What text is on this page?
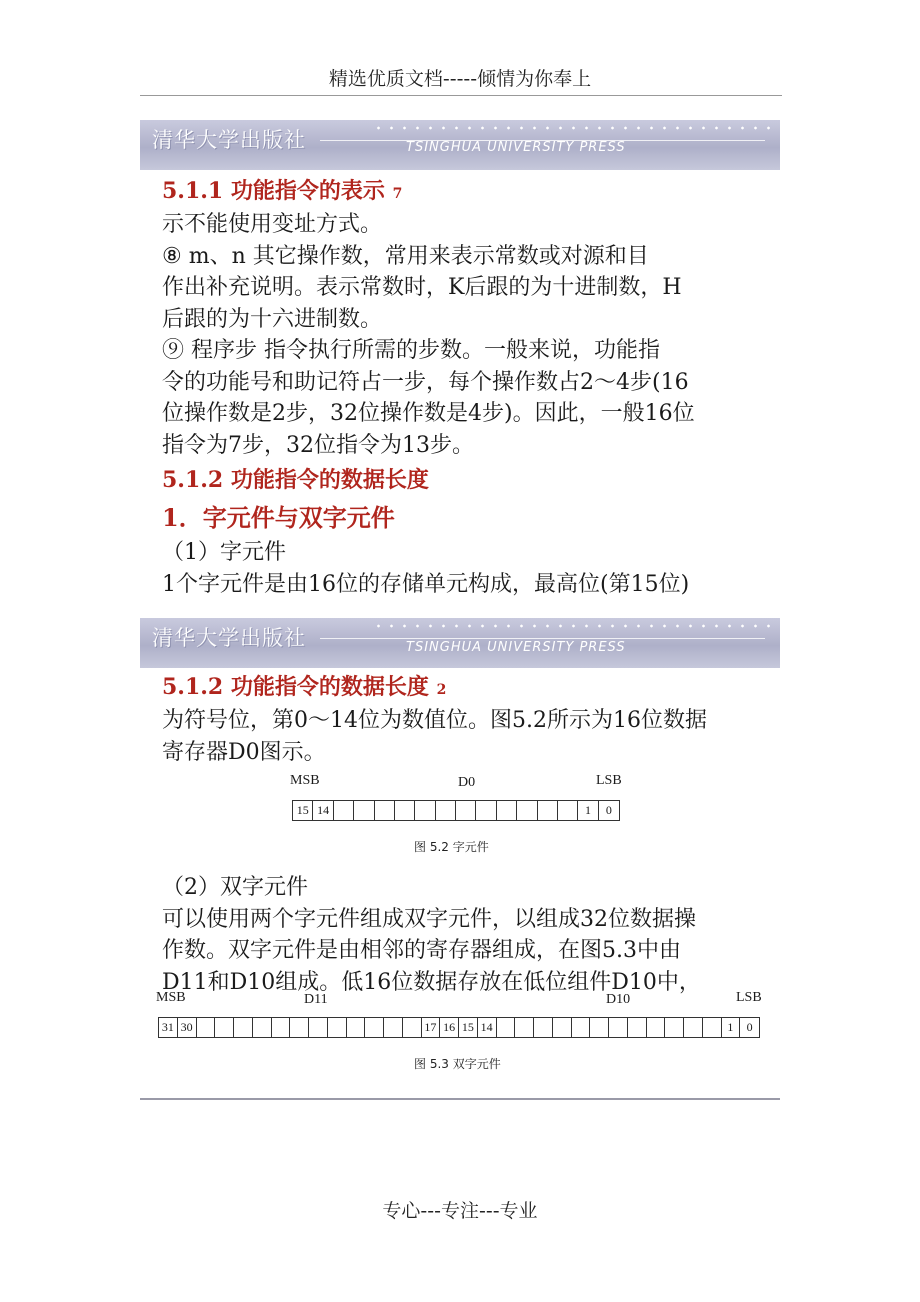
精选优质文档-----倾情为你奉上
清华大学出版社	TSINGHUA UNIVERSITY PRESS
5.1.1 功能指令的表示 7
示不能使用变址方式。
⑧ m、n 其它操作数，常用来表示常数或对源和目
作出补充说明。表示常数时，K后跟的为十进制数，H
后跟的为十六进制数。
⑨ 程序步 指令执行所需的步数。一般来说，功能指
令的功能号和助记符占一步，每个操作数占2～4步(16
位操作数是2步，32位操作数是4步)。因此，一般16位
指令为7步，32位指令为13步。
5.1.2 功能指令的数据长度
1．字元件与双字元件
（1）字元件
1个字元件是由16位的存储单元构成，最高位(第15位)
清华大学出版社	TSINGHUA UNIVERSITY PRESS
5.1.2 功能指令的数据长度 2
为符号位，第0～14位为数值位。图5.2所示为16位数据
寄存器D0图示。
MSB	D0	LSB
15 14	1	0
图 5.2 字元件
（2）双字元件
可以使用两个字元件组成双字元件，以组成32位数据操
作数。双字元件是由相邻的寄存器组成，在图5.3中由
D11和D10组成。低16位数据存放在低位组件D10中，
MSB	D11	D10	LSB
31 30	17 16 15 14	1	0
图 5.3 双字元件
专心---专注---专业
